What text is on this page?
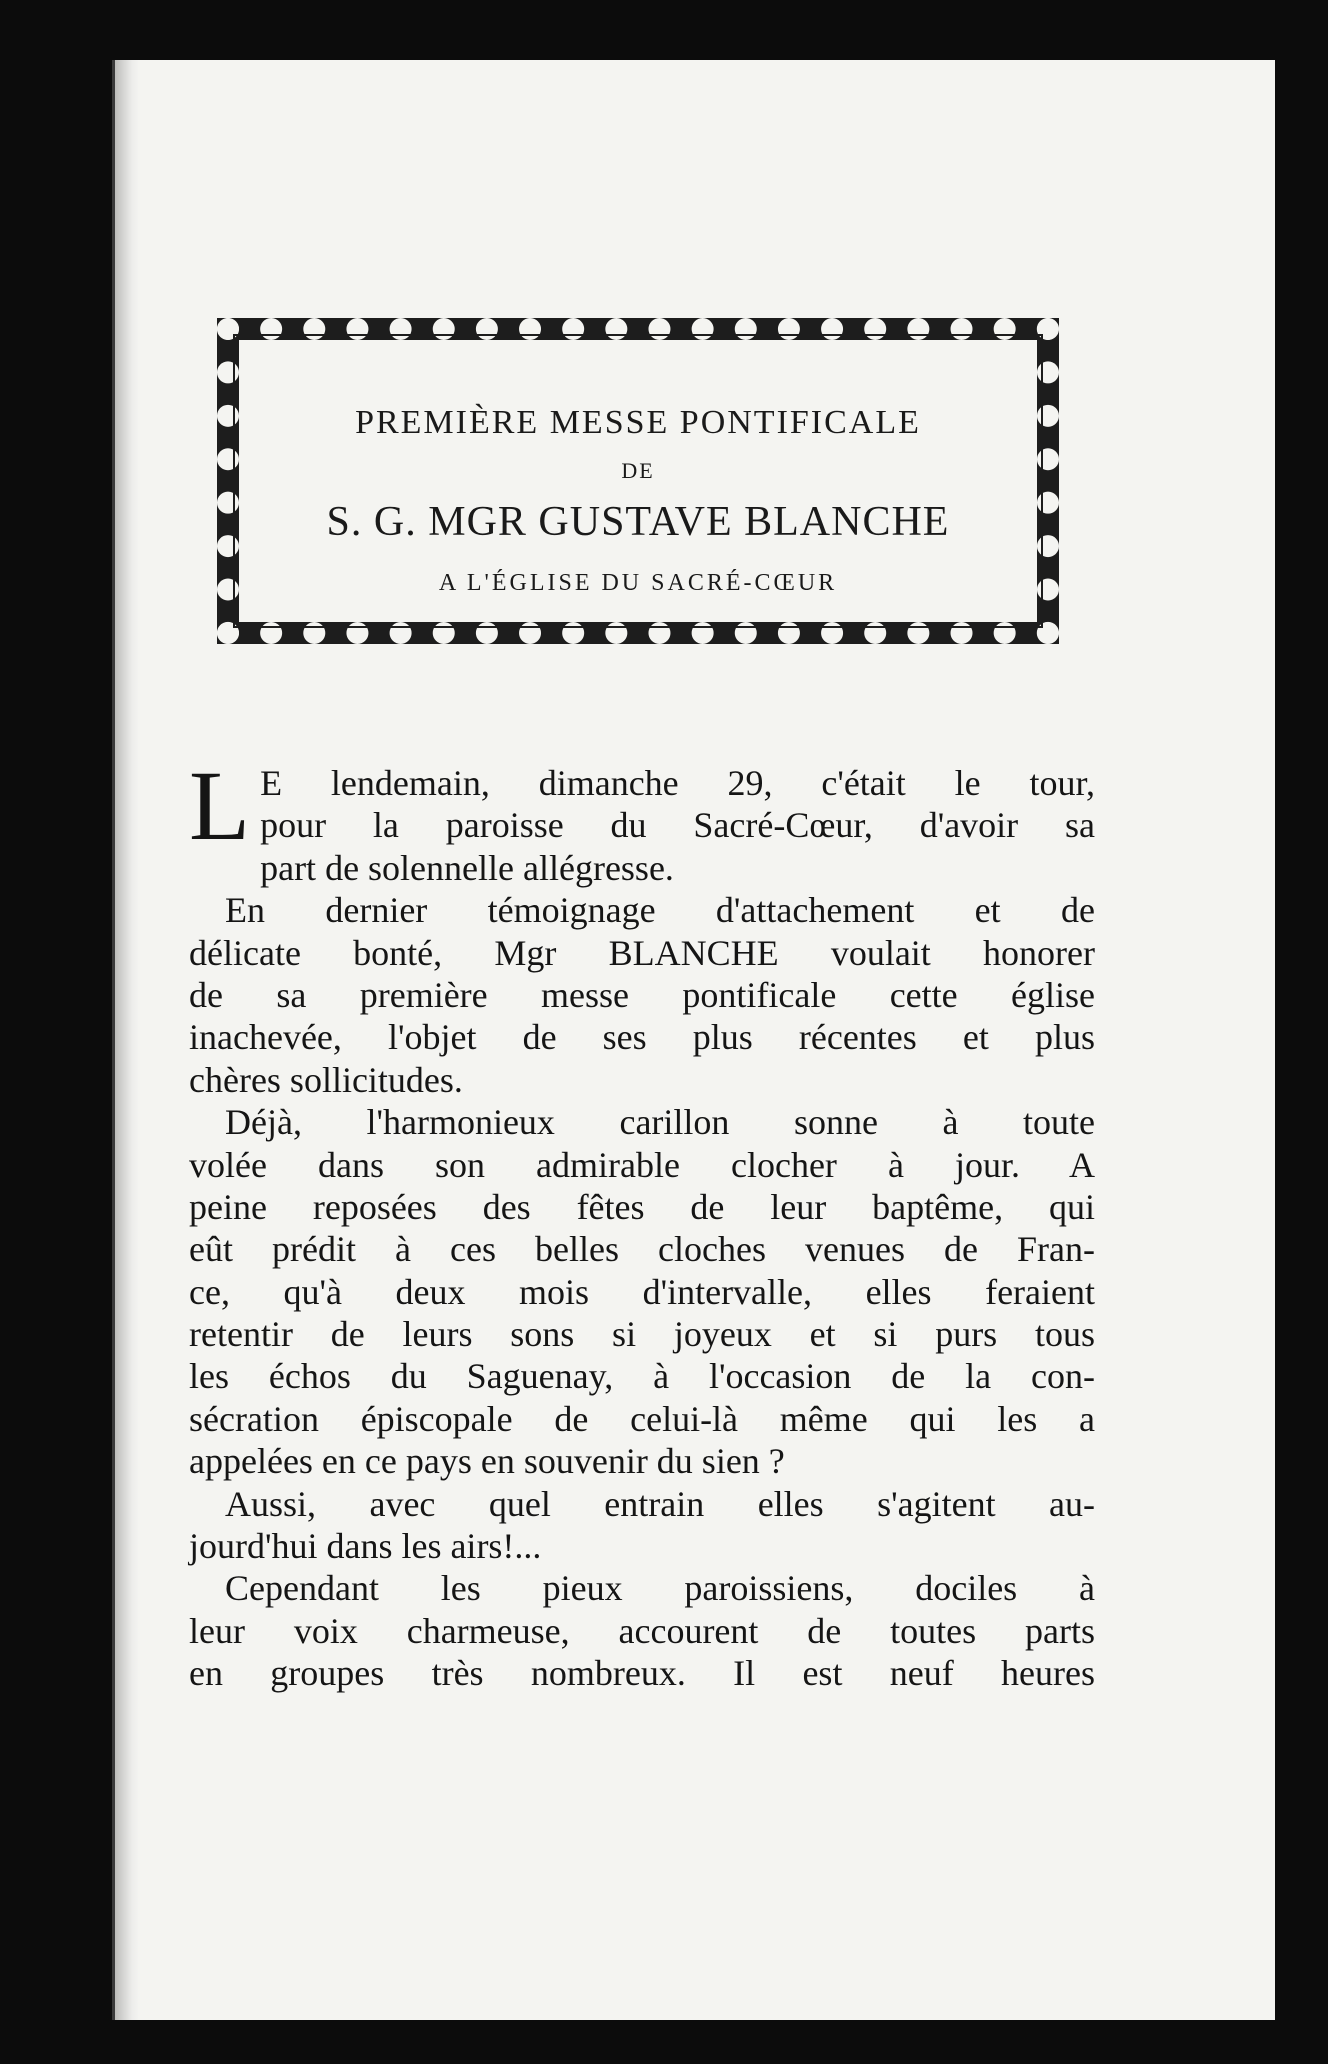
PREMIÈRE MESSE PONTIFICALE
DE
S. G. MGR GUSTAVE BLANCHE
A L'ÉGLISE DU SACRÉ-CŒUR
L E lendemain, dimanche 29, c'était le tour,
pour la paroisse du Sacré-Cœur, d'avoir sa
part de solennelle allégresse.
En dernier témoignage d'attachement et de
délicate bonté, Mgr BLANCHE voulait honorer
de sa première messe pontificale cette église
inachevée, l'objet de ses plus récentes et plus
chères sollicitudes.
Déjà, l'harmonieux carillon sonne à toute
volée dans son admirable clocher à jour. A
peine reposées des fêtes de leur baptême, qui
eût prédit à ces belles cloches venues de Fran-
ce, qu'à deux mois d'intervalle, elles feraient
retentir de leurs sons si joyeux et si purs tous
les échos du Saguenay, à l'occasion de la con-
sécration épiscopale de celui-là même qui les a
appelées en ce pays en souvenir du sien ?
Aussi, avec quel entrain elles s'agitent au-
jourd'hui dans les airs!...
Cependant les pieux paroissiens, dociles à
leur voix charmeuse, accourent de toutes parts
en groupes très nombreux. Il est neuf heures
